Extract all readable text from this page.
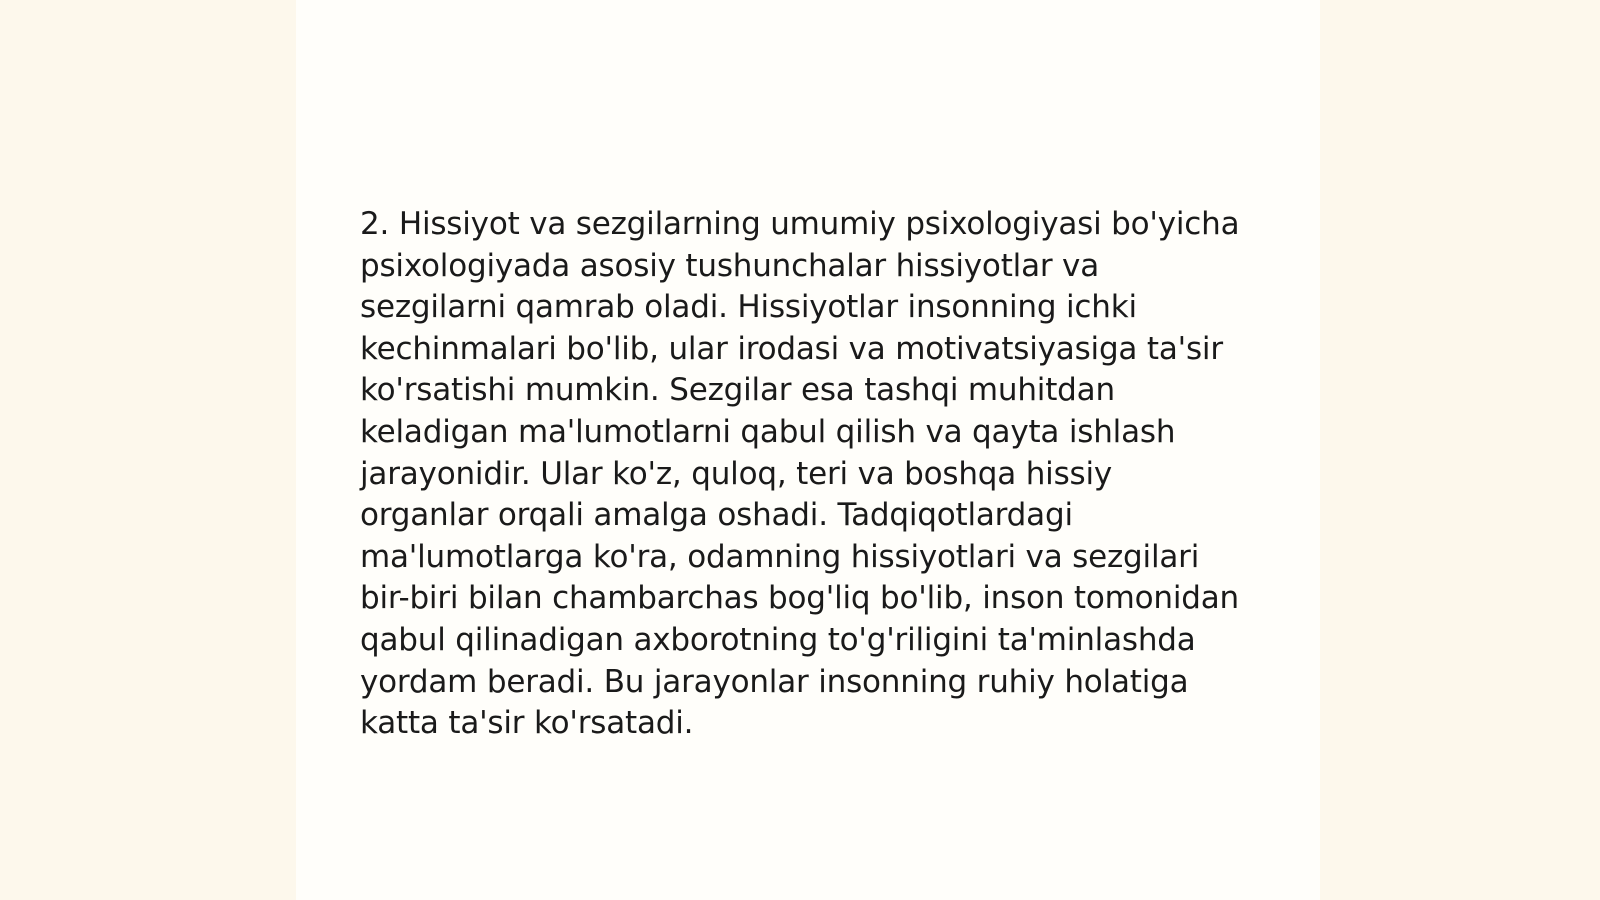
2. Hissiyot va sezgilarning umumiy psixologiyasi bo'yicha psixologiyada asosiy tushunchalar hissiyotlar va sezgilarni qamrab oladi. Hissiyotlar insonning ichki kechinmalari bo'lib, ular irodasi va motivatsiyasiga ta'sir ko'rsatishi mumkin. Sezgilar esa tashqi muhitdan keladigan ma'lumotlarni qabul qilish va qayta ishlash jarayonidir. Ular ko'z, quloq, teri va boshqa hissiy organlar orqali amalga oshadi. Tadqiqotlardagi ma'lumotlarga ko'ra, odamning hissiyotlari va sezgilari bir-biri bilan chambarchas bog'liq bo'lib, inson tomonidan qabul qilinadigan axborotning to'g'riligini ta'minlashda yordam beradi. Bu jarayonlar insonning ruhiy holatiga katta ta'sir ko'rsatadi.
